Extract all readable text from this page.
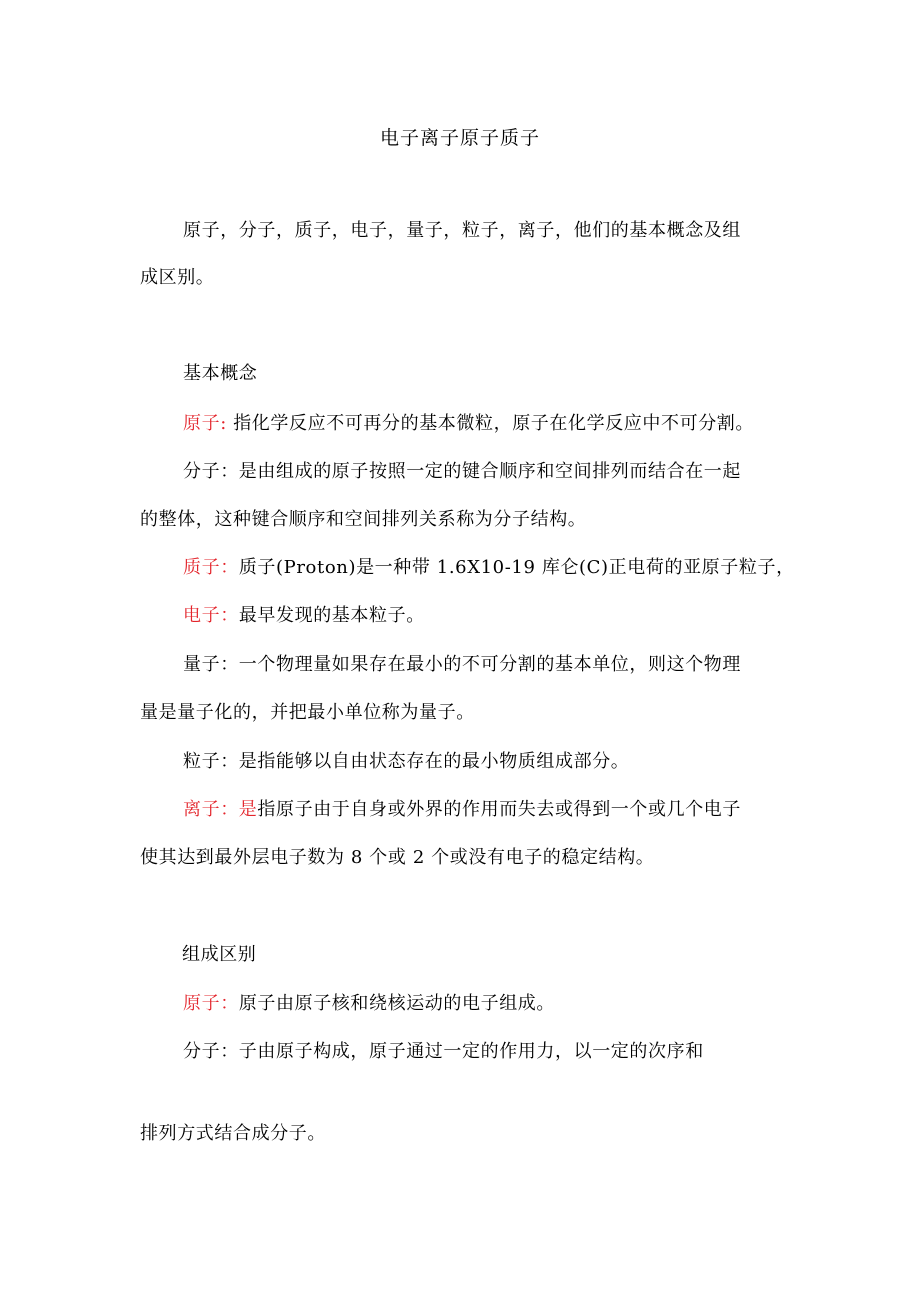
电子离子原子质子
原子，分子，质子，电子，量子，粒子，离子，他们的基本概念及组
成区别。
基本概念
原子: 指化学反应不可再分的基本微粒，原子在化学反应中不可分割。
分子：是由组成的原子按照一定的键合顺序和空间排列而结合在一起
的整体，这种键合顺序和空间排列关系称为分子结构。
质子：质子(Proton)是一种带 1.6X10-19 库仑(C)正电荷的亚原子粒子，
电子：最早发现的基本粒子。
量子：一个物理量如果存在最小的不可分割的基本单位，则这个物理
量是量子化的，并把最小单位称为量子。
粒子：是指能够以自由状态存在的最小物质组成部分。
离子：是指原子由于自身或外界的作用而失去或得到一个或几个电子
使其达到最外层电子数为 8 个或 2 个或没有电子的稳定结构。
组成区别
原子：原子由原子核和绕核运动的电子组成。
分子：子由原子构成，原子通过一定的作用力，以一定的次序和
排列方式结合成分子。
